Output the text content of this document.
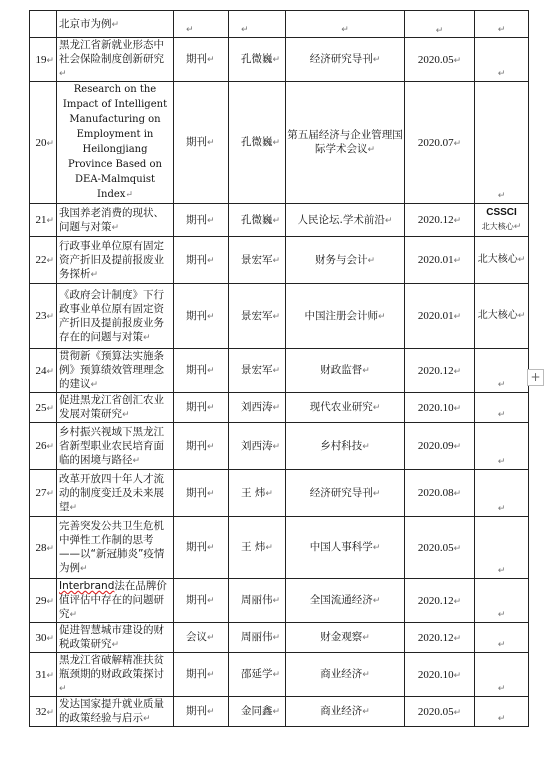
	北京市为例↵	↵	↵	↵	↵	↵
19↵	黑龙江省新就业形态中社会保险制度创新研究↵	期刊↵	孔微巍↵	经济研究导刊↵	2020.05↵	↵
20↵	Research on the Impact of Intelligent Manufacturing on Employment in Heilongjiang Province Based on DEA-Malmquist Index↵	期刊↵	孔微巍↵	第五届经济与企业管理国际学术会议↵	2020.07↵	↵
21↵	我国养老消费的现状、问题与对策↵	期刊↵	孔微巍↵	人民论坛.学术前沿↵	2020.12↵	CSSCI
北大核心↵
22↵	行政事业单位原有固定资产折旧及提前报废业务探析↵	期刊↵	景宏军↵	财务与会计↵	2020.01↵	北大核心↵
23↵	《政府会计制度》下行政事业单位原有固定资产折旧及提前报废业务存在的问题与对策↵	期刊↵	景宏军↵	中国注册会计师↵	2020.01↵	北大核心↵
24↵	贯彻新《预算法实施条例》预算绩效管理理念的建议↵	期刊↵	景宏军↵	财政监督↵	2020.12↵	↵
25↵	促进黑龙江省创汇农业发展对策研究↵	期刊↵	刘西涛↵	现代农业研究↵	2020.10↵	↵
26↵	乡村振兴视域下黑龙江省新型职业农民培育面临的困境与路径↵	期刊↵	刘西涛↵	乡村科技↵	2020.09↵	↵
27↵	改革开放四十年人才流动的制度变迁及未来展望↵	期刊↵	王 炜↵	经济研究导刊↵	2020.08↵	↵
28↵	完善突发公共卫生危机中弹性工作制的思考——以“新冠肺炎”疫情为例↵	期刊↵	王 炜↵	中国人事科学↵	2020.05↵	↵
29↵	Interbrand法在品牌价值评估中存在的问题研究↵	期刊↵	周丽伟↵	全国流通经济↵	2020.12↵	↵
30↵	促进智慧城市建设的财税政策研究↵	会议↵	周丽伟↵	财金观察↵	2020.12↵	↵
31↵	黑龙江省破解精准扶贫瓶颈期的财政政策探讨↵	期刊↵	邵延学↵	商业经济↵	2020.10↵	↵
32↵	发达国家提升就业质量的政策经验与启示↵	期刊↵	金同鑫↵	商业经济↵	2020.05↵	↵
+
